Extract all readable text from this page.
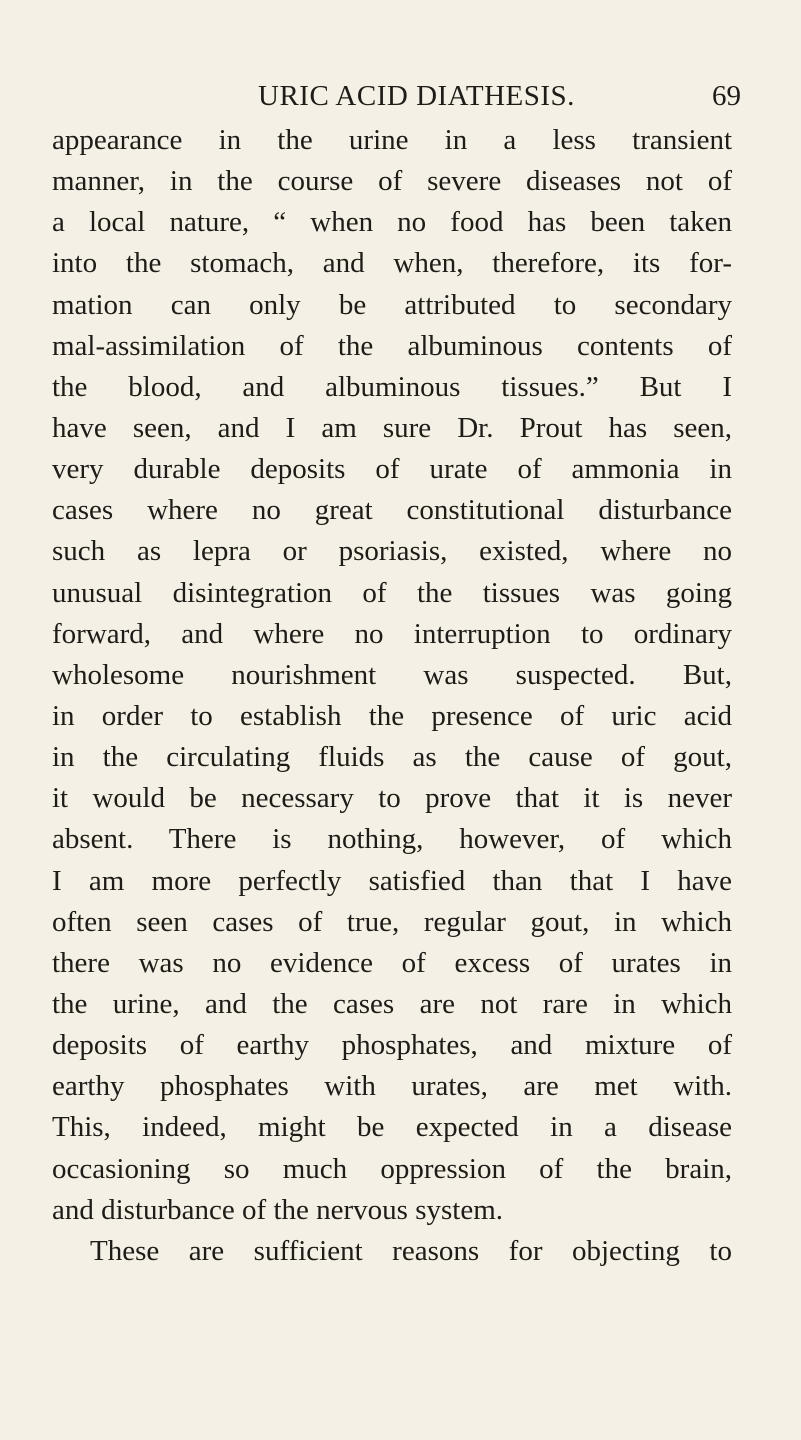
URIC ACID DIATHESIS.	69
appearance in the urine in a less transient
manner, in the course of severe diseases not of
a local nature, “ when no food has been taken
into the stomach, and when, therefore, its for-
mation can only be attributed to secondary
mal-assimilation of the albuminous contents of
the blood, and albuminous tissues.” But I
have seen, and I am sure Dr. Prout has seen,
very durable deposits of urate of ammonia in
cases where no great constitutional disturbance
such as lepra or psoriasis, existed, where no
unusual disintegration of the tissues was going
forward, and where no interruption to ordinary
wholesome nourishment was suspected. But,
in order to establish the presence of uric acid
in the circulating fluids as the cause of gout,
it would be necessary to prove that it is never
absent. There is nothing, however, of which
I am more perfectly satisfied than that I have
often seen cases of true, regular gout, in which
there was no evidence of excess of urates in
the urine, and the cases are not rare in which
deposits of earthy phosphates, and mixture of
earthy phosphates with urates, are met with.
This, indeed, might be expected in a disease
occasioning so much oppression of the brain,
and disturbance of the nervous system.
These are sufficient reasons for objecting to
